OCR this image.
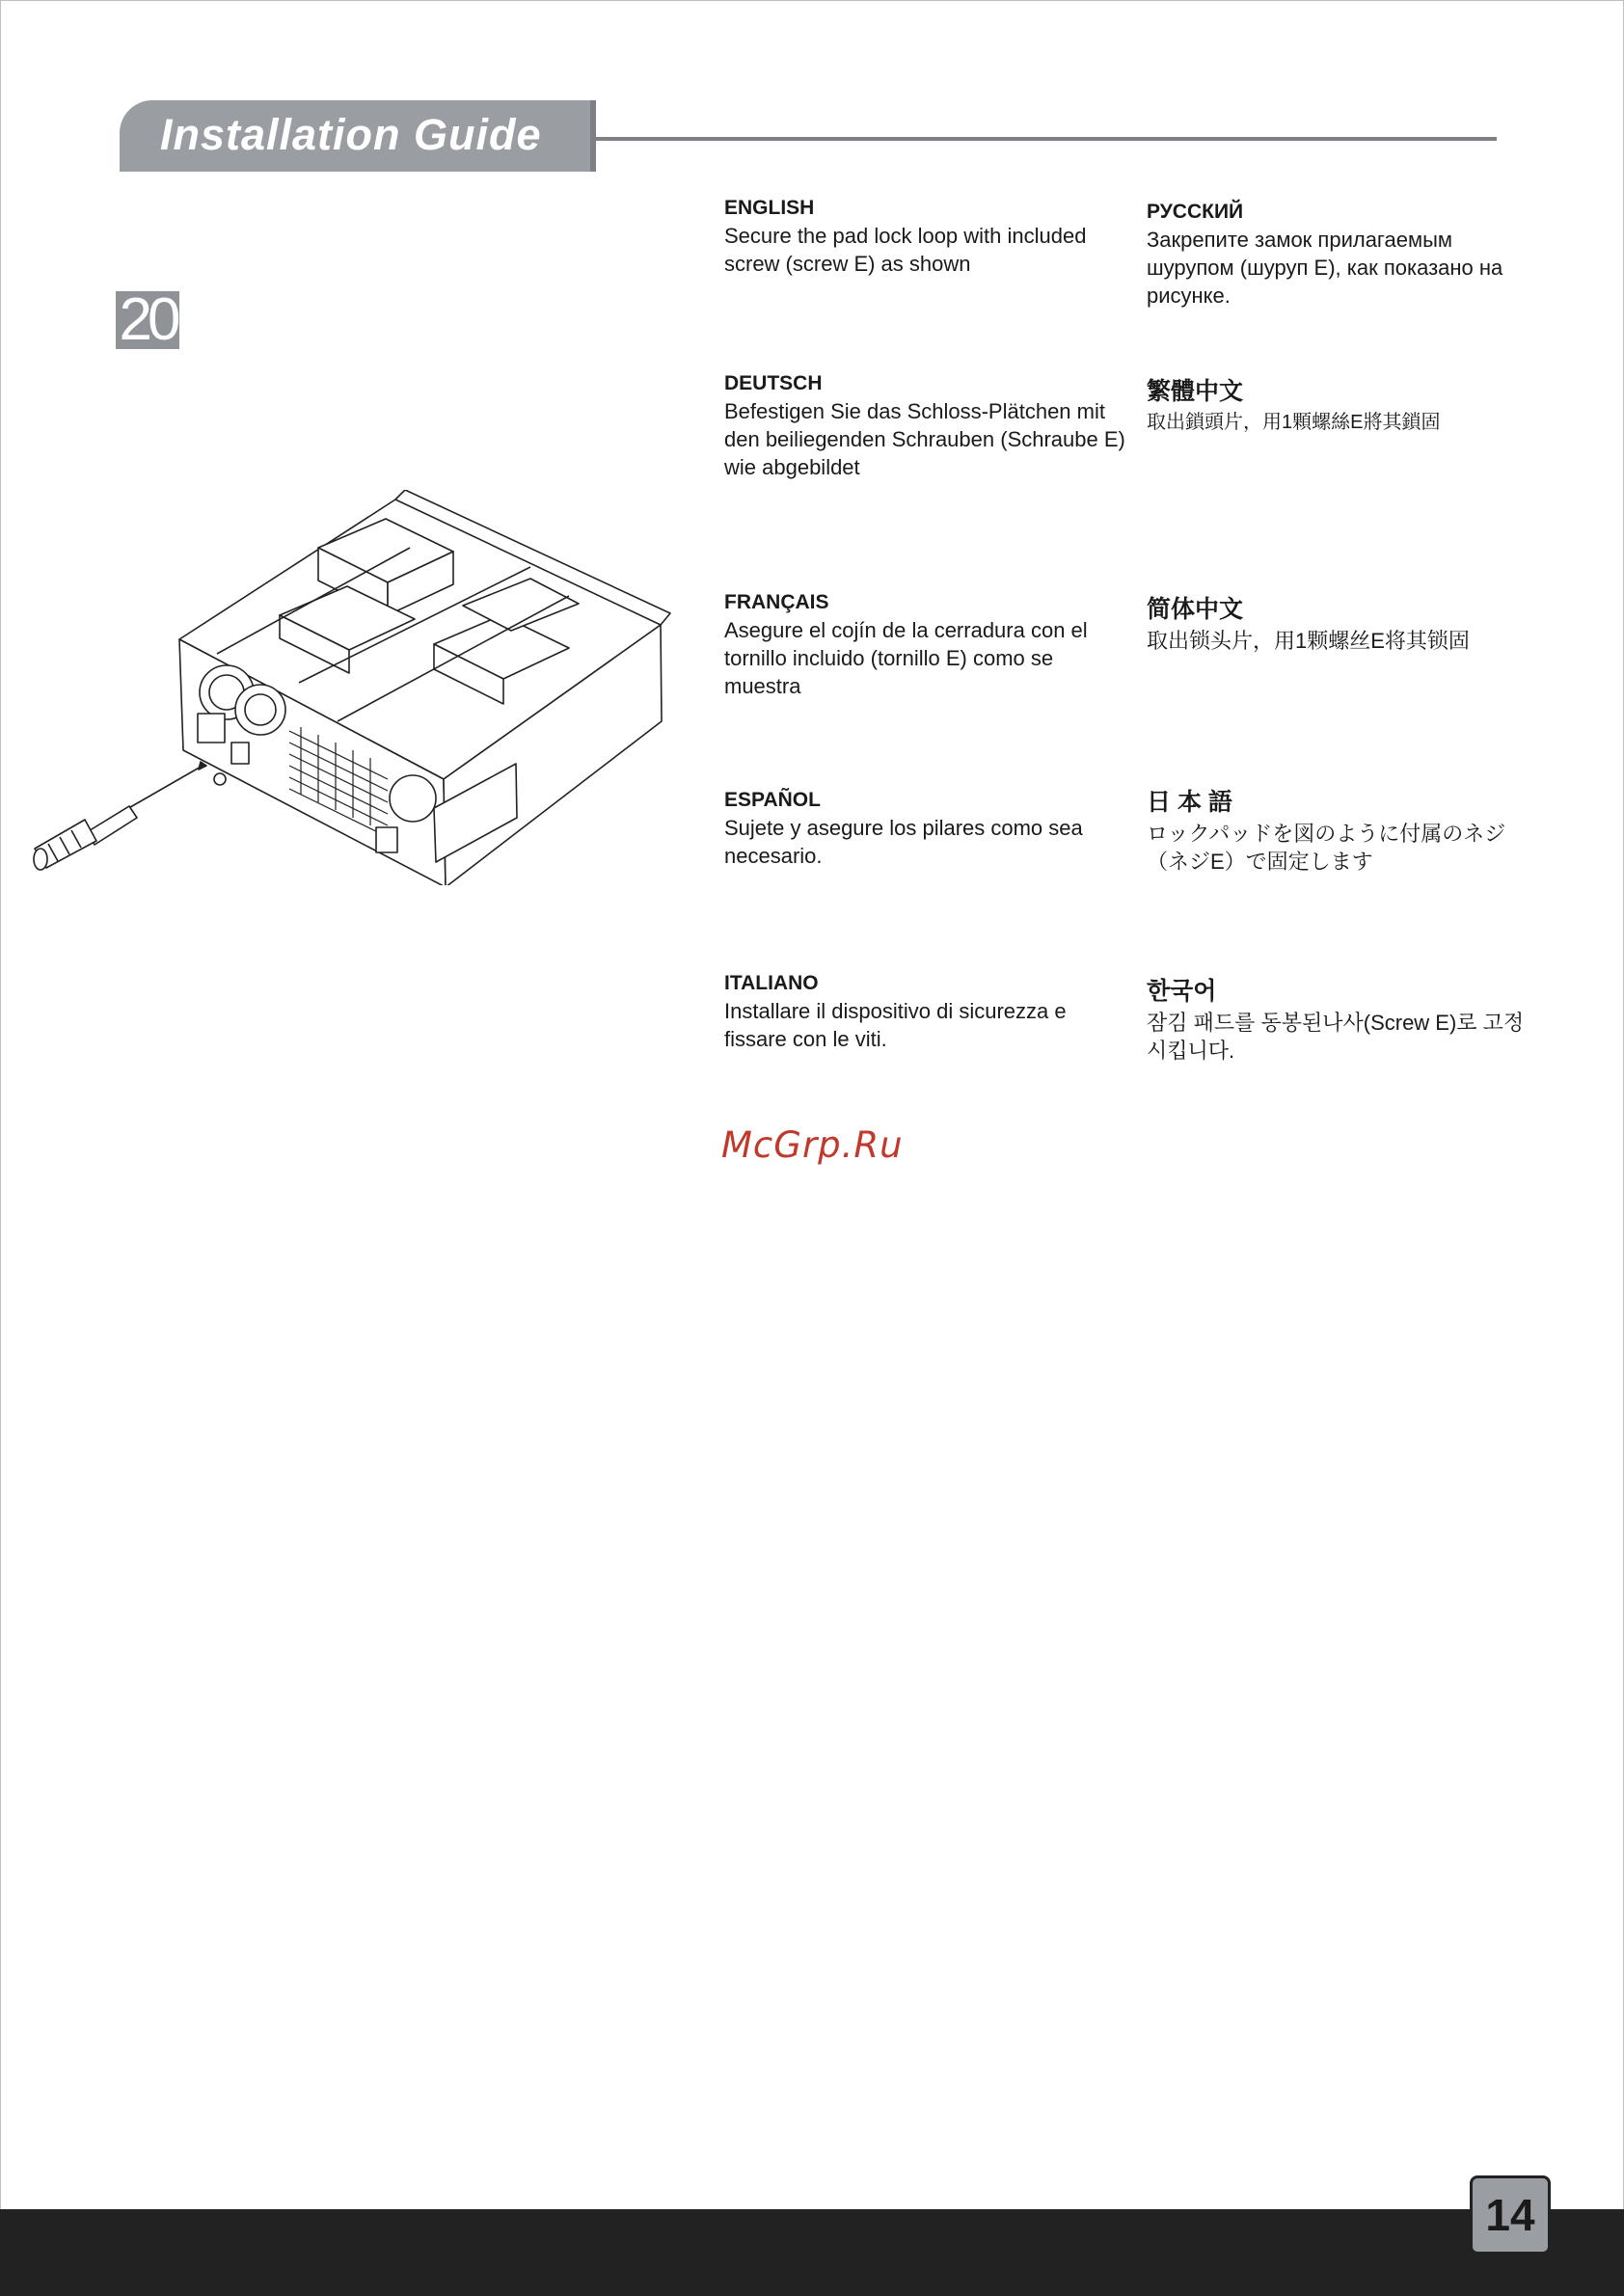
Installation Guide
20
ENGLISH
Secure the pad lock loop with included screw (screw E) as shown
DEUTSCH
Befestigen Sie das Schloss-Plätchen mit den beiliegenden Schrauben (Schraube E) wie abgebildet
FRANÇAIS
Asegure el cojín de la cerradura con el tornillo incluido (tornillo E) como se muestra
ESPAÑOL
Sujete y asegure los pilares como sea necesario.
ITALIANO
Installare il dispositivo di sicurezza e fissare con le viti.
РУССКИЙ
Закрепите замок прилагаемым шурупом (шуруп E), как показано на рисунке.
繁體中文
取出鎖頭片，用1顆螺絲E將其鎖固
简体中文
取出锁头片，用1颗螺丝E将其锁固
日 本 語
ロックパッドを図のように付属のネジ（ネジE）で固定します
한국어
잠김 패드를 동봉된나사(Screw E)로 고정시킵니다.
McGrp.Ru
14
